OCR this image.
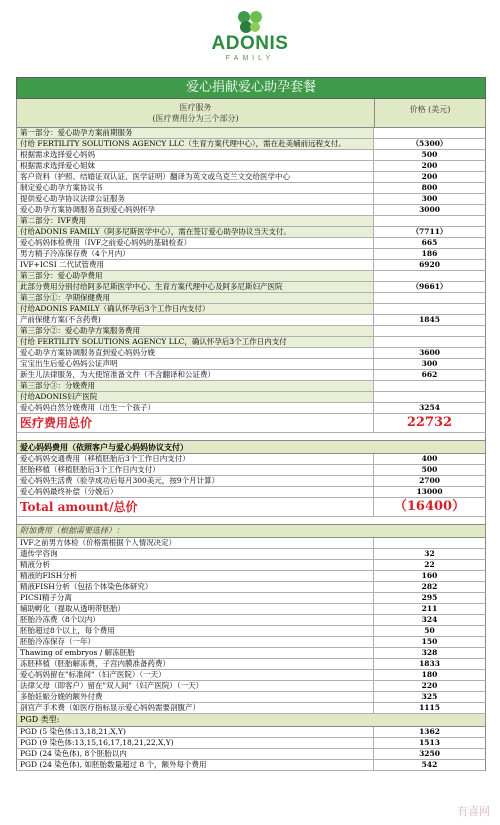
ADONIS
FAMILY
爱心捐献爱心助孕套餐
医疗服务
(医疗费用分为三个部分)
价格 (美元)
第一部分：爱心助孕方案前期服务
付给 FERTILITY SOLUTIONS AGENCY LLC（生育方案代理中心），需在赴美辅前远程支付。	（5300）
根据需求选择爱心妈妈	500
根据需求选择爱心姐妹	200
客户资料（护照、结婚证双认证、医学证明）翻译为英文或乌克兰文交给医学中心	200
制定爱心助孕方案协议书	800
提供爱心助孕协议法律公证服务	300
爱心助孕方案协调服务直到爱心妈妈怀孕	3000
第二部分：IVF费用
付给ADONIS FAMILY（阿多尼斯医学中心），需在签订爱心助孕协议当天支付。	（7711）
爱心妈妈体检费用（IVF之前爱心妈妈的基础检查）	665
男方精子冷冻保存费（4个月内）	186
IVF+ICSI 二代试管费用	6920
第三部分：爱心助孕费用
此部分费用分别付给阿多尼斯医学中心、生育方案代理中心及阿多尼斯妇产医院	（9661）
第三部分①：孕期保健费用
付给ADONIS FAMILY（确认怀孕后3个工作日内支付）
产前保健方案(不含药费)	1845
第三部分②：爱心助孕方案服务费用
付给 FERTILITY SOLUTIONS AGENCY LLC，确认怀孕后3个工作日内支付
爱心助孕方案协调服务直到爱心妈妈分娩	3600
宝宝出生后爱心妈妈公证声明	300
新生儿法律服务，为大使馆准备文件（不含翻译和公证费）	662
第三部分③：分娩费用
付给ADONIS妇产医院
爱心妈妈自然分娩费用（出生一个孩子）	3254
医疗费用总价	22732
爱心妈妈费用（依照客户与爱心妈妈协议支付）
爱心妈妈交通费用（移植胚胎后3个工作日内支付）	400
胚胎移植（移植胚胎后3个工作日内支付）	500
爱心妈妈生活费（验孕成功后每月300美元，按9个月计算）	2700
爱心妈妈最终补偿（分娩后）	13000
Total amount/总价	（16400）
附加费用（根据需要选择）：
IVF之前男方体检（价格需根据个人情况决定）
遗传学咨询	32
精液分析	22
精液的FISH分析	160
精液FISH分析（包括个体染色体研究）	282
PICSI精子分离	295
辅助孵化（提取从透明带胚胎）	211
胚胎冷冻费（8个以内）	324
胚胎超过8个以上，每个费用	50
胚胎冷冻保存（一年）	150
Thawing of embryos / 解冻胚胎	328
冻胚移植（胚胎解冻费，子宫内膜准备药费）	1833
爱心妈妈留在"标准间"（妇产医院）（一天）	180
法律父母（即客户）留在"双人间"（妇产医院）（一天）	220
多胎妊娠分娩的额外付费	325
剖宫产手术费（如医疗指标显示爱心妈妈需要剖腹产）	1115
PGD 类型:
PGD (5 染色体:13,18,21,X,Y)	1362
PGD (9 染色体:13,15,16,17,18,21,22,X,Y)	1513
PGD (24 染色体), 8个胚胎以内	3250
PGD (24 染色体), 如胚胎数量超过 8 个，额外每个费用	542
有喜网
